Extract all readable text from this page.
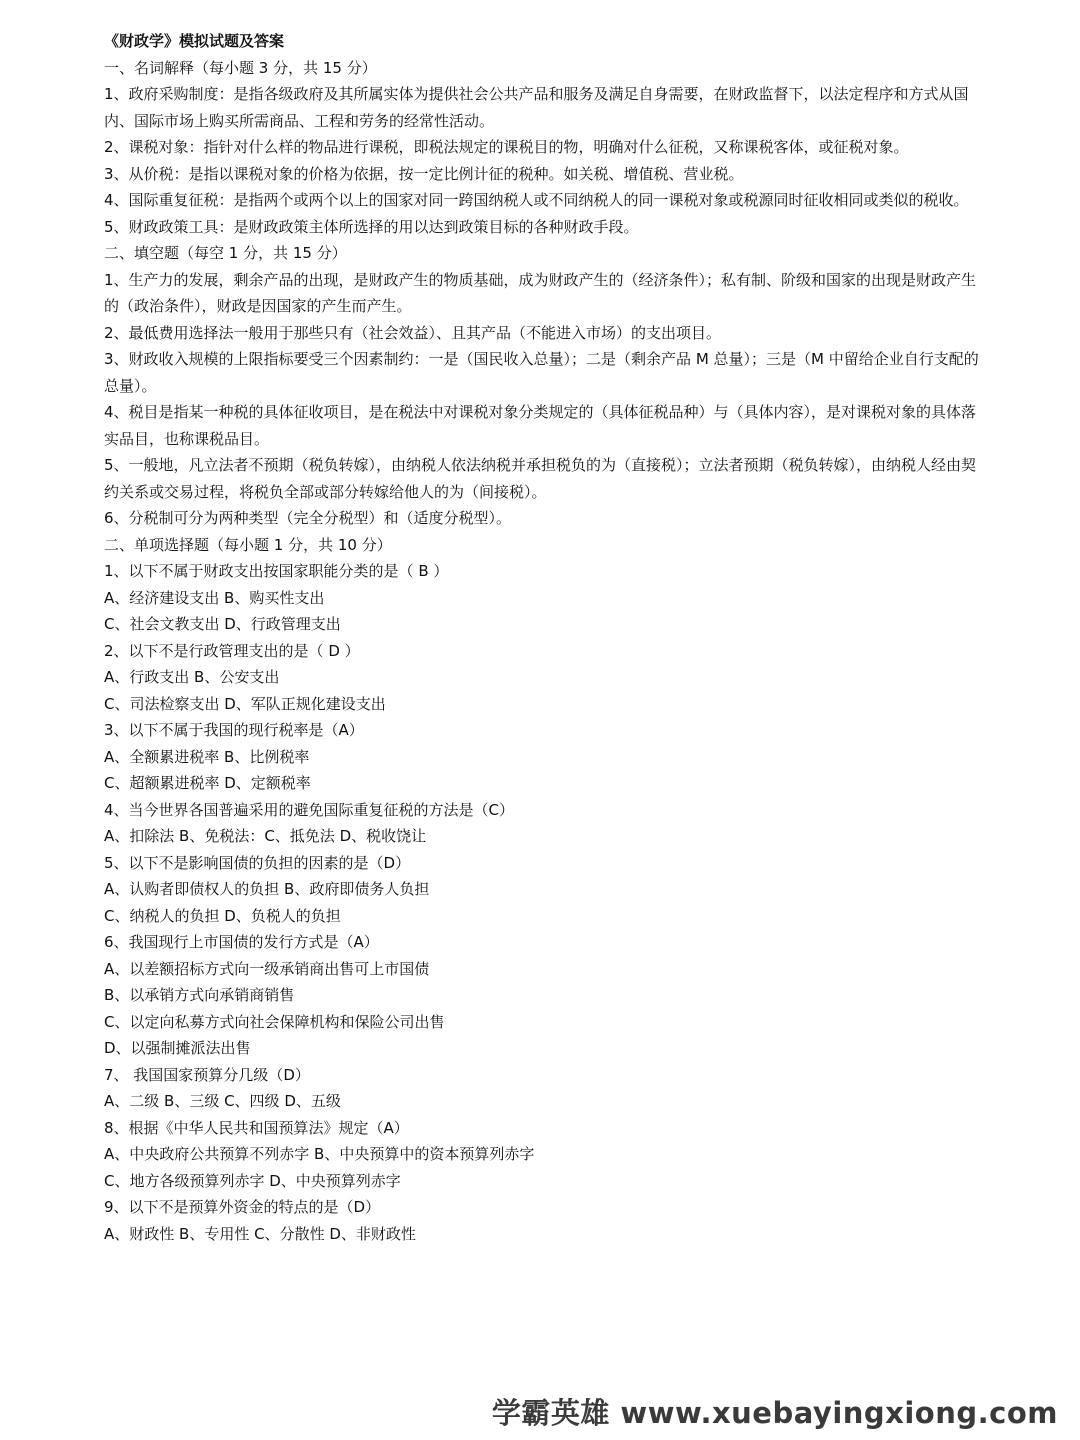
《财政学》模拟试题及答案

一、名词解释（每小题 3 分，共 15 分）

1、政府采购制度：是指各级政府及其所属实体为提供社会公共产品和服务及满足自身需要，在财政监督下，以法定程序和方式从国内、国际市场上购买所需商品、工程和劳务的经常性活动。

2、课税对象：指针对什么样的物品进行课税，即税法规定的课税目的物，明确对什么征税，又称课税客体，或征税对象。

3、从价税：是指以课税对象的价格为依据，按一定比例计征的税种。如关税、增值税、营业税。

4、国际重复征税：是指两个或两个以上的国家对同一跨国纳税人或不同纳税人的同一课税对象或税源同时征收相同或类似的税收。

5、财政政策工具：是财政政策主体所选择的用以达到政策目标的各种财政手段。

二、填空题（每空 1 分，共 15 分）

1、生产力的发展，剩余产品的出现，是财政产生的物质基础，成为财政产生的（经济条件）；私有制、阶级和国家的出现是财政产生的（政治条件），财政是因国家的产生而产生。

2、最低费用选择法一般用于那些只有（社会效益）、且其产品（不能进入市场）的支出项目。

3、财政收入规模的上限指标要受三个因素制约：一是（国民收入总量）；二是（剩余产品 M 总量）；三是（M 中留给企业自行支配的总量）。

4、税目是指某一种税的具体征收项目，是在税法中对课税对象分类规定的（具体征税品种）与（具体内容），是对课税对象的具体落实品目，也称课税品目。

5、一般地，凡立法者不预期（税负转嫁），由纳税人依法纳税并承担税负的为（直接税）；立法者预期（税负转嫁），由纳税人经由契约关系或交易过程，将税负全部或部分转嫁给他人的为（间接税）。

6、分税制可分为两种类型（完全分税型）和（适度分税型）。

二、单项选择题（每小题 1 分，共 10 分）

1、以下不属于财政支出按国家职能分类的是（ B ）

A、经济建设支出 B、购买性支出

C、社会文教支出 D、行政管理支出

2、以下不是行政管理支出的是（ D ）

A、行政支出 B、公安支出

C、司法检察支出 D、军队正规化建设支出

3、以下不属于我国的现行税率是（A）

A、全额累进税率 B、比例税率

C、超额累进税率 D、定额税率

4、当今世界各国普遍采用的避免国际重复征税的方法是（C）

A、扣除法 B、免税法：C、抵免法 D、税收饶让

5、以下不是影响国债的负担的因素的是（D）

A、认购者即债权人的负担 B、政府即债务人负担

C、纳税人的负担 D、负税人的负担

6、我国现行上市国债的发行方式是（A）

A、以差额招标方式向一级承销商出售可上市国债

B、以承销方式向承销商销售

C、以定向私募方式向社会保障机构和保险公司出售

D、以强制摊派法出售

7、 我国国家预算分几级（D）

A、二级 B、三级 C、四级 D、五级

8、根据《中华人民共和国预算法》规定（A）

A、中央政府公共预算不列赤字 B、中央预算中的资本预算列赤字

C、地方各级预算列赤字 D、中央预算列赤字

9、以下不是预算外资金的特点的是（D）

A、财政性 B、专用性 C、分散性 D、非财政性

学霸英雄 www.xuebayingxiong.com
